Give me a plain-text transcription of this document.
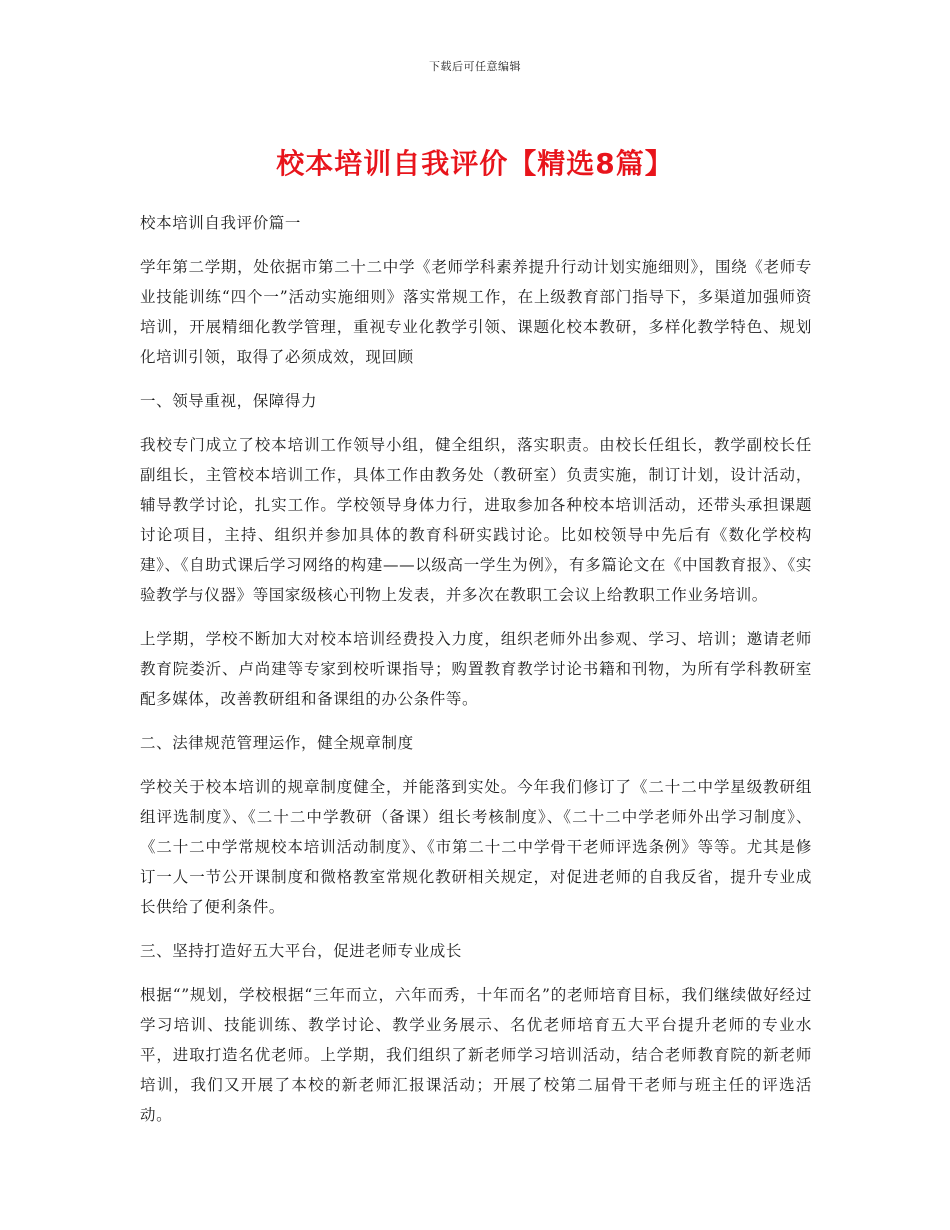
下载后可任意编辑
校本培训自我评价【精选8篇】

校本培训自我评价篇一

学年第二学期，处依据市第二十二中学《老师学科素养提升行动计划实施细则》，围绕《老师专业技能训练“四个一”活动实施细则》落实常规工作，在上级教育部门指导下，多渠道加强师资培训，开展精细化教学管理，重视专业化教学引领、课题化校本教研，多样化教学特色、规划化培训引领，取得了必须成效，现回顾

一、领导重视，保障得力

我校专门成立了校本培训工作领导小组，健全组织，落实职责。由校长任组长，教学副校长任副组长，主管校本培训工作，具体工作由教务处（教研室）负责实施，制订计划，设计活动，辅导教学讨论，扎实工作。学校领导身体力行，进取参加各种校本培训活动，还带头承担课题讨论项目，主持、组织并参加具体的教育科研实践讨论。比如校领导中先后有《数化学校构建》、《自助式课后学习网络的构建——以级高一学生为例》，有多篇论文在《中国教育报》、《实验教学与仪器》等国家级核心刊物上发表，并多次在教职工会议上给教职工作业务培训。

上学期，学校不断加大对校本培训经费投入力度，组织老师外出参观、学习、培训；邀请老师教育院娄沂、卢尚建等专家到校听课指导；购置教育教学讨论书籍和刊物，为所有学科教研室配多媒体，改善教研组和备课组的办公条件等。

二、法律规范管理运作，健全规章制度

学校关于校本培训的规章制度健全，并能落到实处。今年我们修订了《二十二中学星级教研组组评选制度》、《二十二中学教研（备课）组长考核制度》、《二十二中学老师外出学习制度》、《二十二中学常规校本培训活动制度》、《市第二十二中学骨干老师评选条例》等等。尤其是修订一人一节公开课制度和微格教室常规化教研相关规定，对促进老师的自我反省，提升专业成长供给了便利条件。

三、坚持打造好五大平台，促进老师专业成长

根据“”规划，学校根据“三年而立，六年而秀，十年而名”的老师培育目标，我们继续做好经过学习培训、技能训练、教学讨论、教学业务展示、名优老师培育五大平台提升老师的专业水平，进取打造名优老师。上学期，我们组织了新老师学习培训活动，结合老师教育院的新老师培训，我们又开展了本校的新老师汇报课活动；开展了校第二届骨干老师与班主任的评选活动。
